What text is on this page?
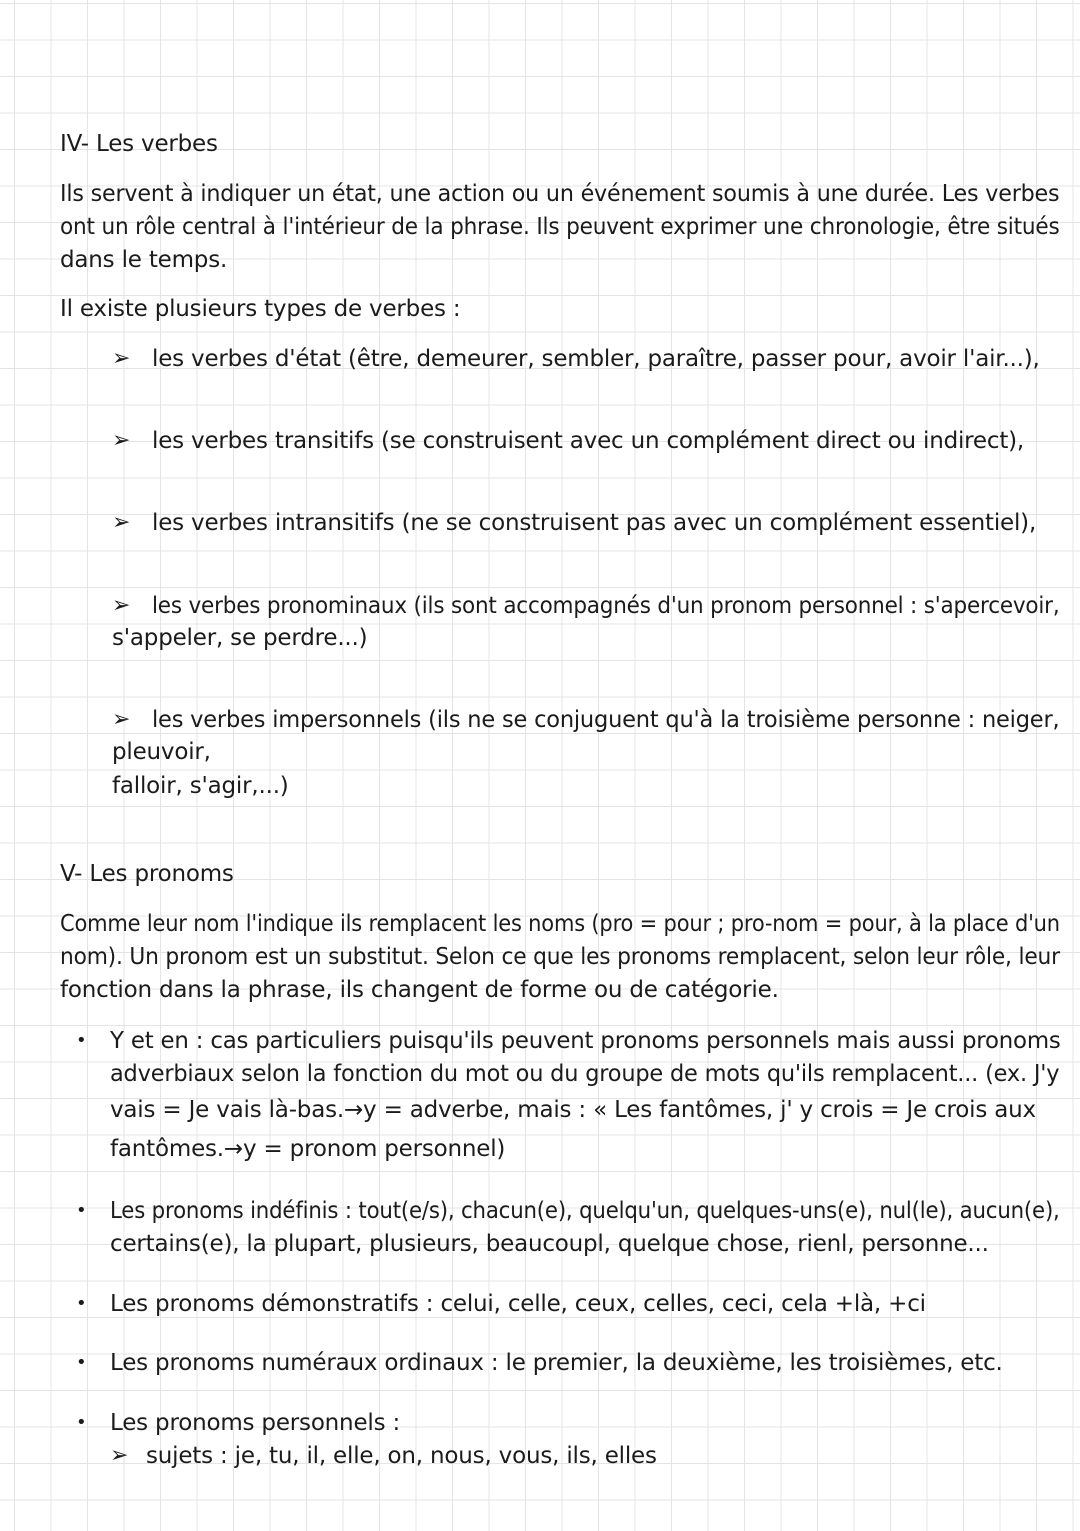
IV- Les verbes
Ils servent à indiquer un état, une action ou un événement soumis à une durée. Les verbes
ont un rôle central à l'intérieur de la phrase. Ils peuvent exprimer une chronologie, être situés
dans le temps.
Il existe plusieurs types de verbes :
➢ les verbes d'état (être, demeurer, sembler, paraître, passer pour, avoir l'air...),
➢ les verbes transitifs (se construisent avec un complément direct ou indirect),
➢ les verbes intransitifs (ne se construisent pas avec un complément essentiel),
➢ les verbes pronominaux (ils sont accompagnés d'un pronom personnel : s'apercevoir,
s'appeler, se perdre...)
➢ les verbes impersonnels (ils ne se conjuguent qu'à la troisième personne : neiger,
pleuvoir,
falloir, s'agir,...)
V- Les pronoms
Comme leur nom l'indique ils remplacent les noms (pro = pour ; pro-nom = pour, à la place d'un
nom). Un pronom est un substitut. Selon ce que les pronoms remplacent, selon leur rôle, leur
fonction dans la phrase, ils changent de forme ou de catégorie.
• Y et en : cas particuliers puisqu'ils peuvent pronoms personnels mais aussi pronoms
adverbiaux selon la fonction du mot ou du groupe de mots qu'ils remplacent... (ex. J'y
vais = Je vais là-bas.→y = adverbe, mais : « Les fantômes, j' y crois = Je crois aux
fantômes.→y = pronom personnel)
• Les pronoms indéfinis : tout(e/s), chacun(e), quelqu'un, quelques-uns(e), nul(le), aucun(e),
certains(e), la plupart, plusieurs, beaucoupl, quelque chose, rienl, personne...
• Les pronoms démonstratifs : celui, celle, ceux, celles, ceci, cela +là, +ci
• Les pronoms numéraux ordinaux : le premier, la deuxième, les troisièmes, etc.
• Les pronoms personnels :
➢ sujets : je, tu, il, elle, on, nous, vous, ils, elles
